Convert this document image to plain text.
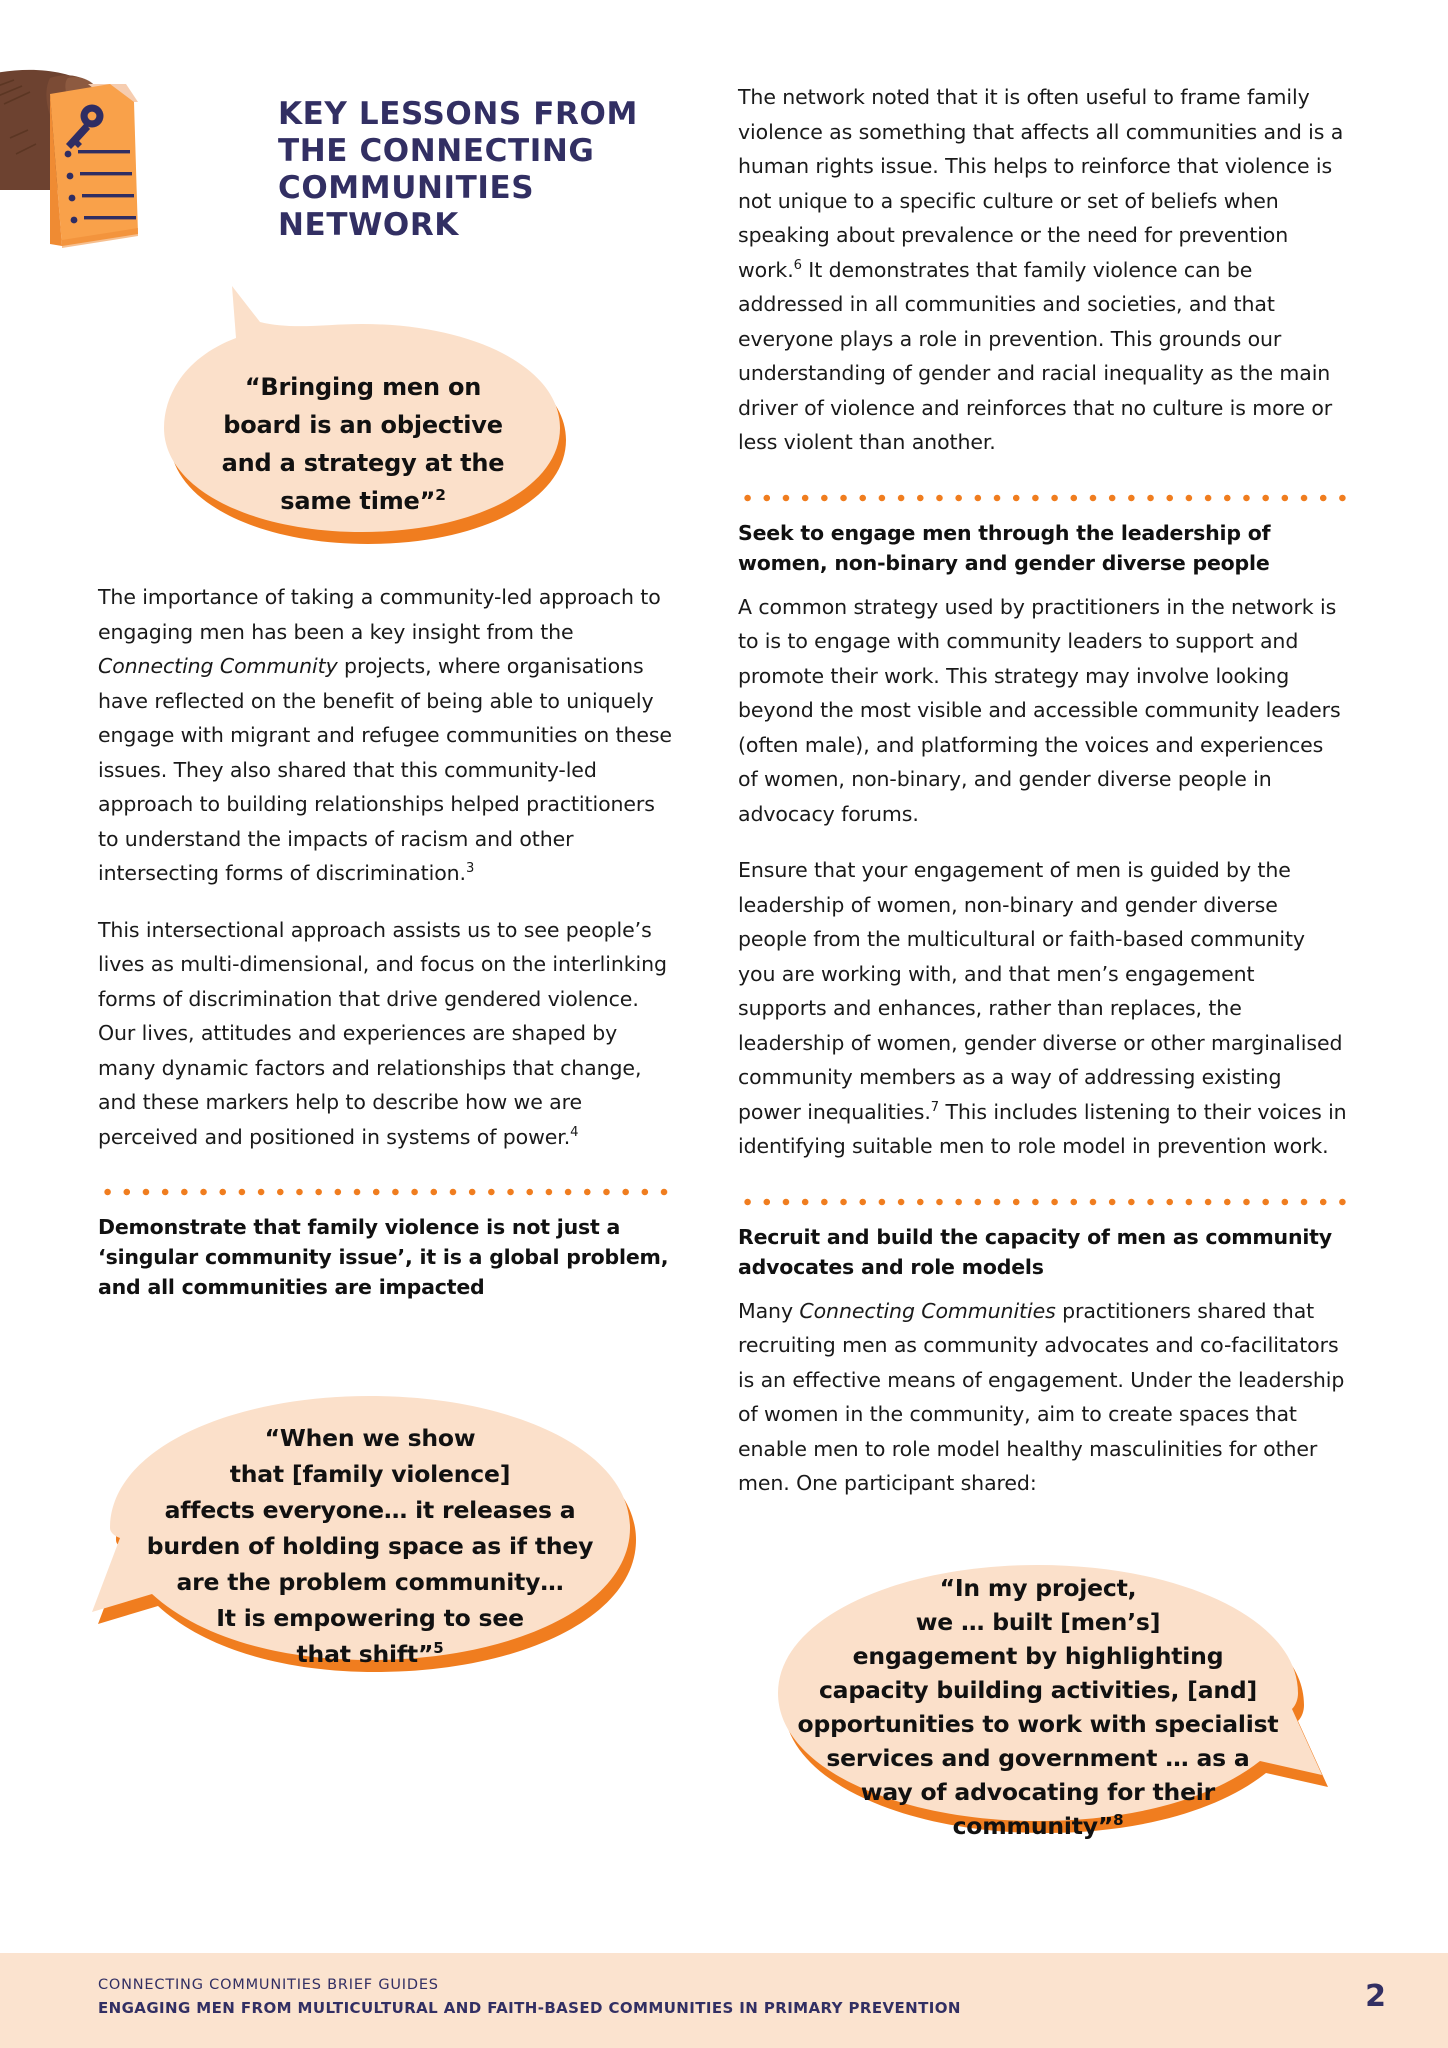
KEY LESSONS FROM THE CONNECTING COMMUNITIES NETWORK
“Bringing men on
board is an objective
and a strategy at the
same time”$^2$

The importance of taking a community-led approach to engaging men has been a key insight from the Connecting Community projects, where organisations have reflected on the benefit of being able to uniquely engage with migrant and refugee communities on these issues. They also shared that this community-led approach to building relationships helped practitioners to understand the impacts of racism and other intersecting forms of discrimination.$^3$

This intersectional approach assists us to see people’s lives as multi-dimensional, and focus on the interlinking forms of discrimination that drive gendered violence. Our lives, attitudes and experiences are shaped by many dynamic factors and relationships that change, and these markers help to describe how we are perceived and positioned in systems of power.$^4$

Demonstrate that family violence is not just a ‘singular community issue’, it is a global problem, and all communities are impacted
“When we show
that [family violence]
affects everyone… it releases a
burden of holding space as if they
are the problem community…
It is empowering to see
that shift”$^5$

The network noted that it is often useful to frame family violence as something that affects all communities and is a human rights issue. This helps to reinforce that violence is not unique to a specific culture or set of beliefs when speaking about prevalence or the need for prevention work.$^6$ It demonstrates that family violence can be addressed in all communities and societies, and that everyone plays a role in prevention. This grounds our understanding of gender and racial inequality as the main driver of violence and reinforces that no culture is more or less violent than another.

Seek to engage men through the leadership of women, non-binary and gender diverse people

A common strategy used by practitioners in the network is to is to engage with community leaders to support and promote their work. This strategy may involve looking beyond the most visible and accessible community leaders (often male), and platforming the voices and experiences of women, non-binary, and gender diverse people in advocacy forums.

Ensure that your engagement of men is guided by the leadership of women, non-binary and gender diverse people from the multicultural or faith-based community you are working with, and that men’s engagement supports and enhances, rather than replaces, the leadership of women, gender diverse or other marginalised community members as a way of addressing existing power inequalities.$^7$ This includes listening to their voices in identifying suitable men to role model in prevention work.

Recruit and build the capacity of men as community advocates and role models

Many Connecting Communities practitioners shared that recruiting men as community advocates and co-facilitators is an effective means of engagement. Under the leadership of women in the community, aim to create spaces that enable men to role model healthy masculinities for other men. One participant shared:

“In my project,
we … built [men’s]
engagement by highlighting
capacity building activities, [and]
opportunities to work with specialist
services and government … as a
way of advocating for their
community”$^8$
CONNECTING COMMUNITIES BRIEF GUIDES
ENGAGING MEN FROM MULTICULTURAL AND FAITH-BASED COMMUNITIES IN PRIMARY PREVENTION	2
